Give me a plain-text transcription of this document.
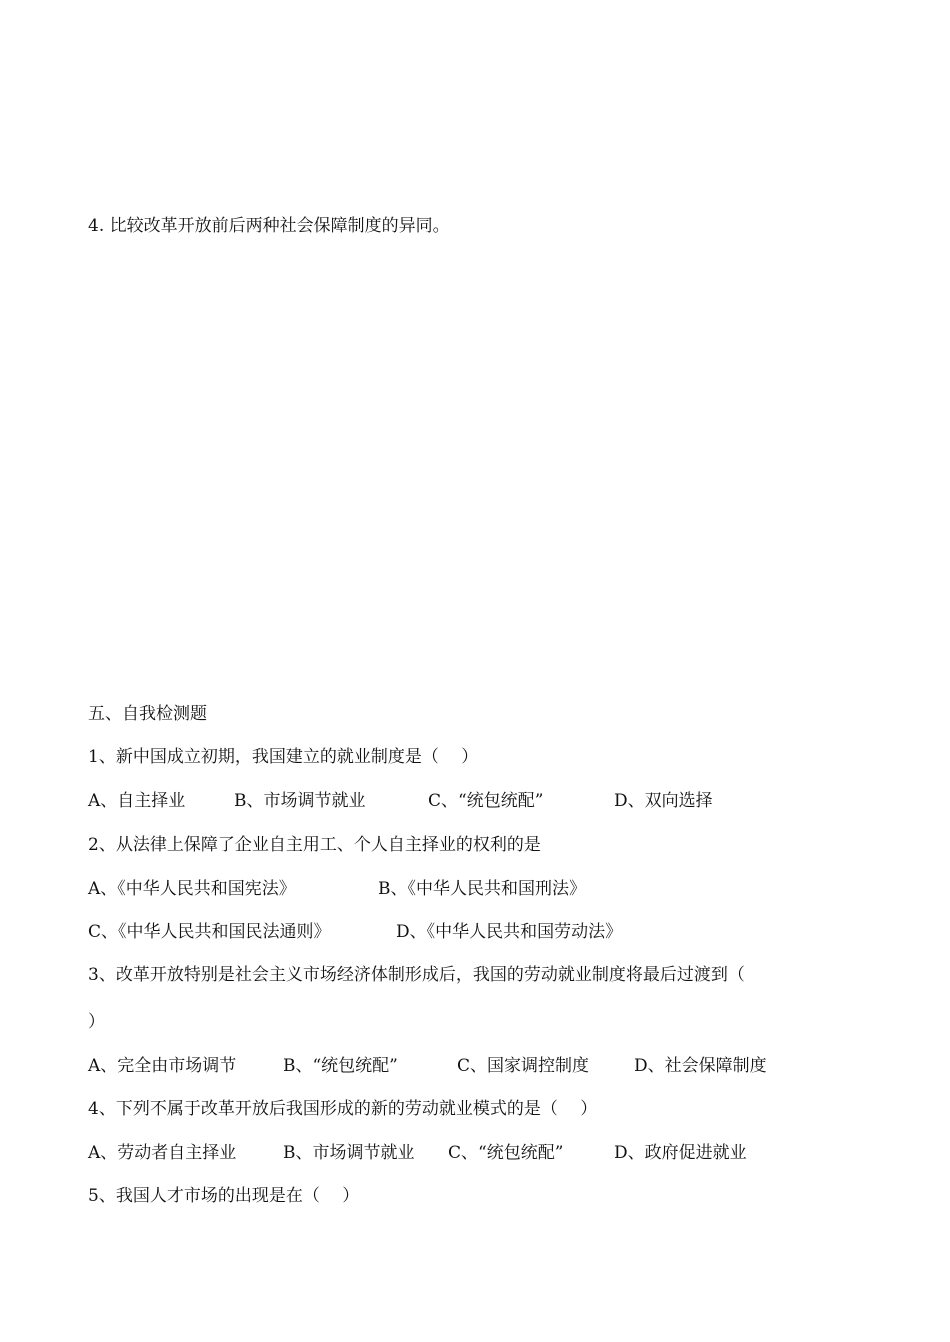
4. 比较改革开放前后两种社会保障制度的异同。
五、自我检测题
1、新中国成立初期，我国建立的就业制度是（　 ）
A、自主择业	B、市场调节就业	C、“统包统配”	D、双向选择
2、从法律上保障了企业自主用工、个人自主择业的权利的是
A、《中华人民共和国宪法》	B、《中华人民共和国刑法》
C、《中华人民共和国民法通则》	D、《中华人民共和国劳动法》
3、改革开放特别是社会主义市场经济体制形成后，我国的劳动就业制度将最后过渡到（
）
A、完全由市场调节	B、“统包统配”	C、国家调控制度	D、社会保障制度
4、下列不属于改革开放后我国形成的新的劳动就业模式的是（　 ）
A、劳动者自主择业	B、市场调节就业 C、“统包统配”	D、政府促进就业
5、我国人才市场的出现是在（　 ）
